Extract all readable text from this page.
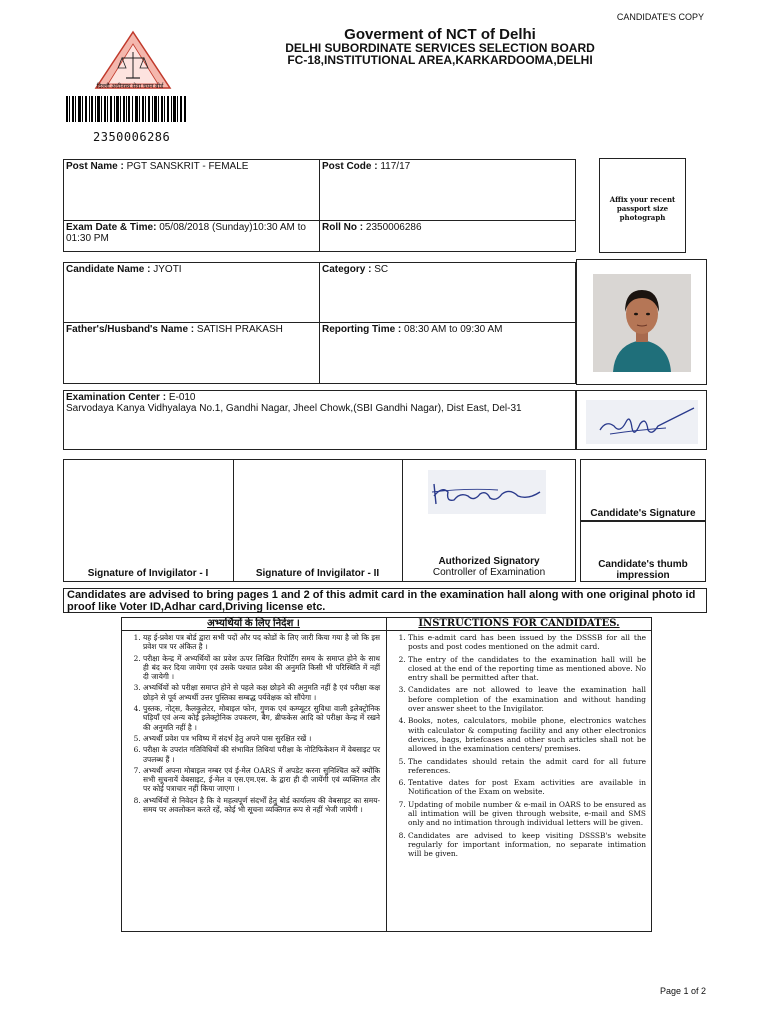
CANDIDATE'S COPY
दिल्ली अधीनस्थ सेवा चयन बोर्ड
2350006286
Goverment of NCT of Delhi
DELHI SUBORDINATE SERVICES SELECTION BOARD
FC-18,INSTITUTIONAL AREA,KARKARDOOMA,DELHI
Post Name : PGT SANSKRIT - FEMALE	Post Code : 117/17
Exam Date & Time: 05/08/2018 (Sunday)10:30 AM to 01:30 PM
Roll No : 2350006286
Affix your recent passport size photograph
Candidate Name : JYOTI	Category : SC
Father's/Husband's Name : SATISH PRAKASH	Reporting Time : 08:30 AM to 09:30 AM
Examination Center : E-010
Sarvodaya Kanya Vidhyalaya No.1, Gandhi Nagar, Jheel Chowk,(SBI Gandhi Nagar), Dist East, Del-31
Signature of Invigilator - I	Signature of Invigilator - II
Authorized Signatory
Controller of Examination
Candidate's Signature
Candidate's thumb impression
Candidates are advised to bring pages 1 and 2 of this admit card in the examination hall along with one original photo id proof like Voter ID,Adhar card,Driving license etc.
अभ्यर्थियों के लिए निर्देश ।
1. यह ई-प्रवेश पत्र बोर्ड द्वारा सभी पदों और पद कोडों के लिए जारी किया गया है जो कि इस प्रवेश पत्र पर अंकित है ।
2. परीक्षा केन्द्र में अभ्यर्थियों का प्रवेश ऊपर लिखित रिपोर्टिंग समय के समाप्त होने के साथ ही बंद कर दिया जायेगा एवं उसके पश्चात प्रवेश की अनुमति किसी भी परिस्थिति में नहीं दी जायेगी ।
3. अभ्यर्थियों को परीक्षा समाप्त होने से पहले कक्ष छोड़ने की अनुमति नहीं है एवं परीक्षा कक्ष छोड़ने से पूर्व अभ्यर्थी उत्तर पुस्तिका सम्बद्ध पर्यवेक्षक को सौंपेगा ।
4. पुस्तक, नोट्स, कैलकुलेटर, मोबाइल फोन, गुणक एवं कम्प्यूटर सुविधा वाली इलेक्ट्रोनिक घड़ियाँ एवं अन्य कोई इलेक्ट्रोनिक उपकरण, बैग, ब्रीफकेस आदि को परीक्षा केन्द्र में रखने की अनुमति नहीं है ।
5. अभ्यर्थी प्रवेश पत्र भविष्य में संदर्भ हेतु अपने पास सुरक्षित रखें ।
6. परीक्षा के उपरांत गतिविधियों की संभावित तिथियां परीक्षा के नोटिफिकेशन में वेबसाइट पर उपलब्ध हैं ।
7. अभ्यर्थी अपना मोबाइल नम्बर एवं ई-मेल OARS में अपडेट करना सुनिश्चित करें क्योंकि सभी सूचनायें वेबसाइट, ई-मेल व एस.एम.एस. के द्वारा ही दी जायेंगी एवं व्यक्तिगत तौर पर कोई पत्राचार नहीं किया जाएगा ।
8. अभ्यर्थियों से निवेदन है कि वे महत्वपूर्ण संदर्भों हेतु बोर्ड कार्यालय की वेबसाइट का समय-समय पर अवलोकन करते रहें, कोई भी सूचना व्यक्तिगत रूप से नहीं भेजी जायेगी ।
INSTRUCTIONS FOR CANDIDATES.
1. This e-admit card has been issued by the DSSSB for all the posts and post codes mentioned on the admit card.
2. The entry of the candidates to the examination hall will be closed at the end of the reporting time as mentioned above. No entry shall be permitted after that.
3. Candidates are not allowed to leave the examination hall before completion of the examination and without handing over answer sheet to the Invigilator.
4. Books, notes, calculators, mobile phone, electronics watches with calculator & computing facility and any other electronics devices, bags, briefcases and other such articles shall not be allowed in the examination centers/ premises.
5. The candidates should retain the admit card for all future references.
6. Tentative dates for post Exam activities are available in Notification of the Exam on website.
7. Updating of mobile number & e-mail in OARS to be ensured as all intimation will be given through website, e-mail and SMS only and no intimation through individual letters will be given.
8. Candidates are advised to keep visiting DSSSB's website regularly for important information, no separate intimation will be given.
Page 1 of 2
